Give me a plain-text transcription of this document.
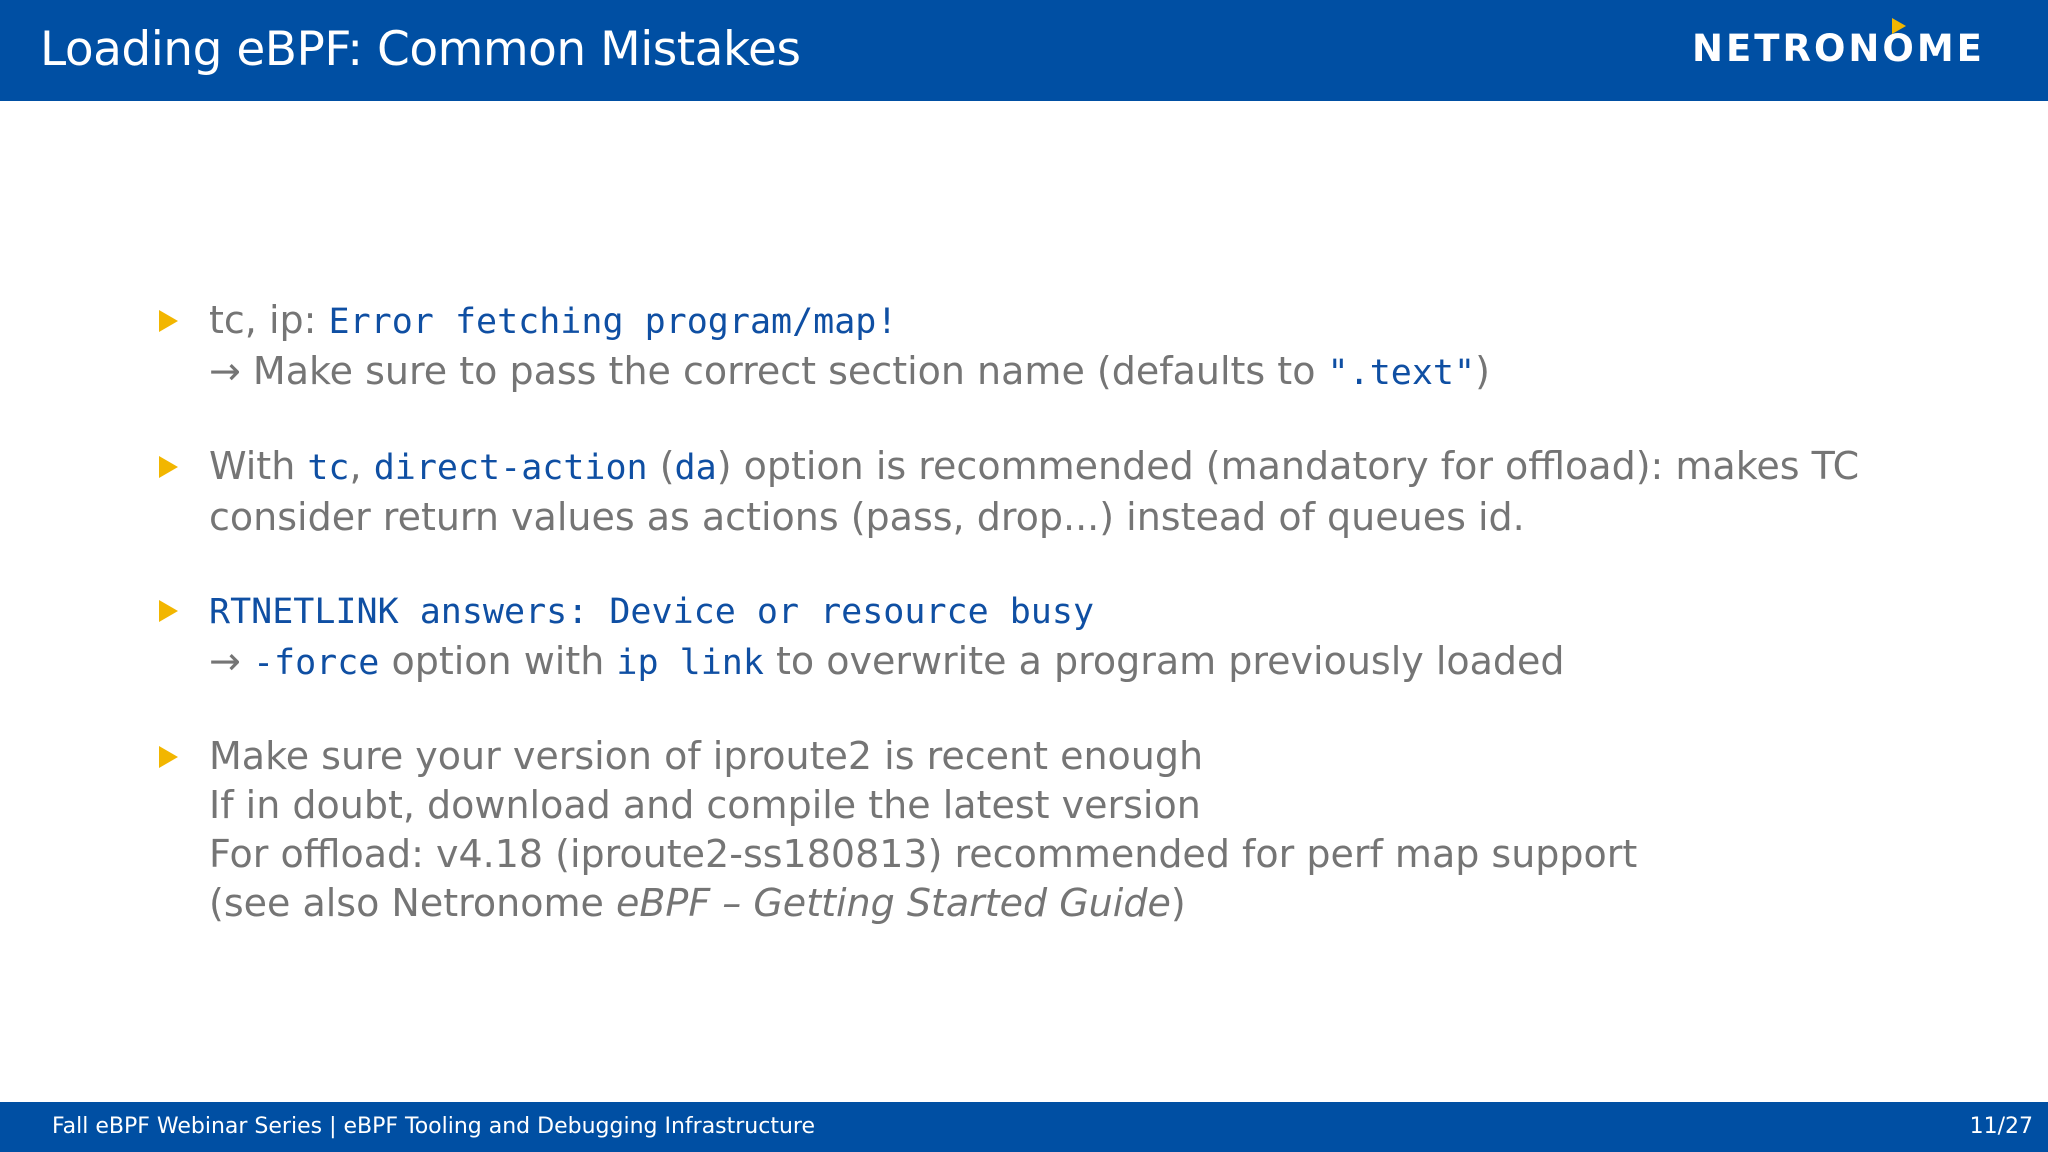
Loading eBPF: Common Mistakes	NETRON O ME
tc, ip: Error fetching program/map!
→ Make sure to pass the correct section name (defaults to ".text")
With tc, direct-action (da) option is recommended (mandatory for offload): makes TC
consider return values as actions (pass, drop...) instead of queues id.
RTNETLINK answers: Device or resource busy
→ -force option with ip link to overwrite a program previously loaded
Make sure your version of iproute2 is recent enough
If in doubt, download and compile the latest version
For offload: v4.18 (iproute2-ss180813) recommended for perf map support
(see also Netronome eBPF – Getting Started Guide)
Fall eBPF Webinar Series | eBPF Tooling and Debugging Infrastructure	11/27
